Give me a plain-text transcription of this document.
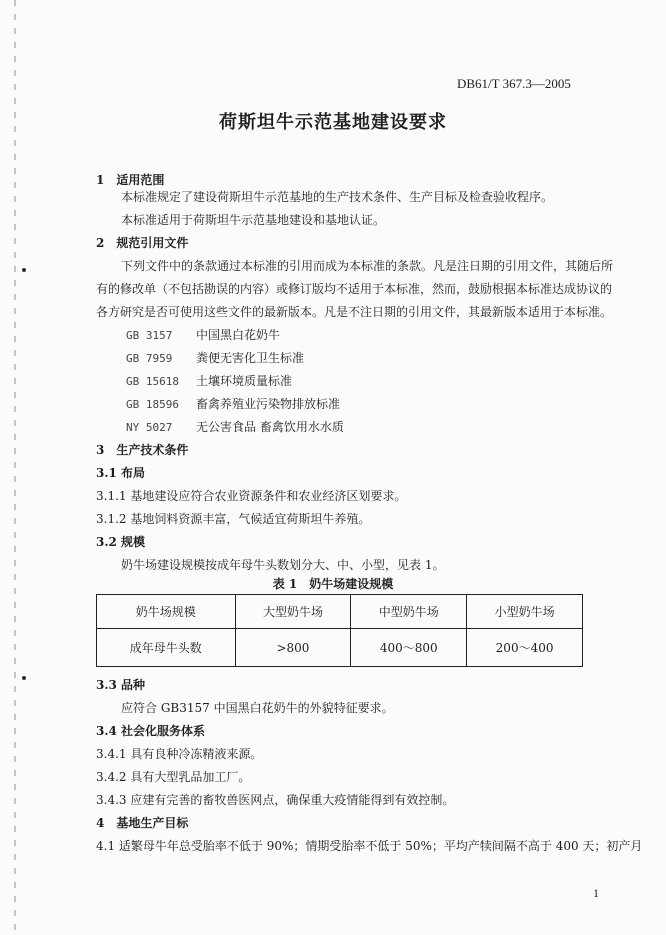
DB61/T 367.3—2005
荷斯坦牛示范基地建设要求
1　适用范围
本标准规定了建设荷斯坦牛示范基地的生产技术条件、生产目标及检查验收程序。
本标准适用于荷斯坦牛示范基地建设和基地认证。
2　规范引用文件
下列文件中的条款通过本标准的引用而成为本标准的条款。凡是注日期的引用文件，其随后所
有的修改单（不包括勘误的内容）或修订版均不适用于本标准，然而，鼓励根据本标准达成协议的
各方研究是否可使用这些文件的最新版本。凡是不注日期的引用文件，其最新版本适用于本标准。
GB 3157 中国黑白花奶牛
GB 7959 粪便无害化卫生标准
GB 15618 土壤环境质量标准
GB 18596 畜禽养殖业污染物排放标准
NY 5027 无公害食品 畜禽饮用水水质
3　生产技术条件
3.1 布局
3.1.1 基地建设应符合农业资源条件和农业经济区划要求。
3.1.2 基地饲料资源丰富，气候适宜荷斯坦牛养殖。
3.2 规模
奶牛场建设规模按成年母牛头数划分大、中、小型，见表 1。
表 1　奶牛场建设规模
奶牛场规模	大型奶牛场	中型奶牛场	小型奶牛场
成年母牛头数	>800	400～800	200～400
3.3 品种
应符合 GB3157 中国黑白花奶牛的外貌特征要求。
3.4 社会化服务体系
3.4.1 具有良种冷冻精液来源。
3.4.2 具有大型乳品加工厂。
3.4.3 应建有完善的畜牧兽医网点，确保重大疫情能得到有效控制。
4　基地生产目标
4.1 适繁母牛年总受胎率不低于 90%；情期受胎率不低于 50%；平均产犊间隔不高于 400 天；初产月
1
